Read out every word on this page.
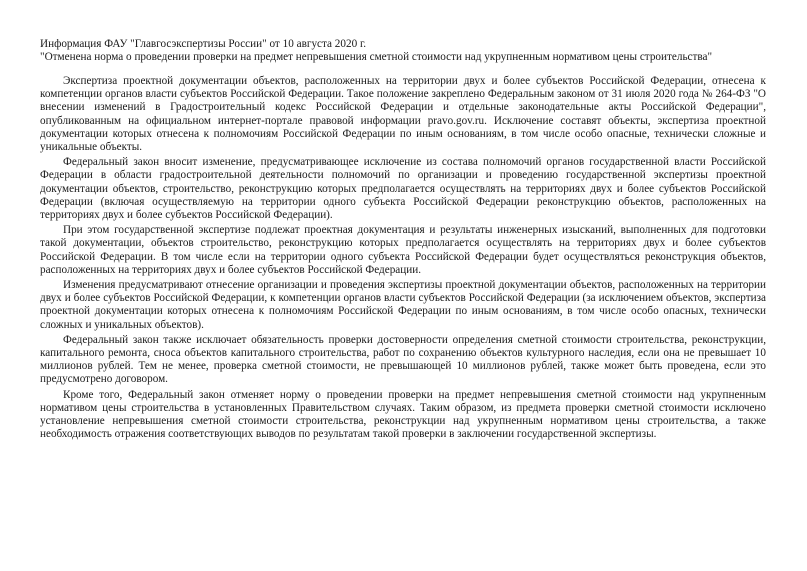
Информация ФАУ "Главгосэкспертизы России" от 10 августа 2020 г.

"Отменена норма о проведении проверки на предмет непревышения сметной стоимости над укрупненным нормативом цены строительства"

Экспертиза проектной документации объектов, расположенных на территории двух и более субъектов Российской Федерации, отнесена к компетенции органов власти субъектов Российской Федерации. Такое положение закреплено Федеральным законом от 31 июля 2020 года № 264-ФЗ "О внесении изменений в Градостроительный кодекс Российской Федерации и отдельные законодательные акты Российской Федерации", опубликованным на официальном интернет-портале правовой информации pravo.gov.ru. Исключение составят объекты, экспертиза проектной документации которых отнесена к полномочиям Российской Федерации по иным основаниям, в том числе особо опасные, технически сложные и уникальные объекты.

Федеральный закон вносит изменение, предусматривающее исключение из состава полномочий органов государственной власти Российской Федерации в области градостроительной деятельности полномочий по организации и проведению государственной экспертизы проектной документации объектов, строительство, реконструкцию которых предполагается осуществлять на территориях двух и более субъектов Российской Федерации (включая осуществляемую на территории одного субъекта Российской Федерации реконструкцию объектов, расположенных на территориях двух и более субъектов Российской Федерации).

При этом государственной экспертизе подлежат проектная документация и результаты инженерных изысканий, выполненных для подготовки такой документации, объектов строительство, реконструкцию которых предполагается осуществлять на территориях двух и более субъектов Российской Федерации. В том числе если на территории одного субъекта Российской Федерации будет осуществляться реконструкция объектов, расположенных на территориях двух и более субъектов Российской Федерации.

Изменения предусматривают отнесение организации и проведения экспертизы проектной документации объектов, расположенных на территории двух и более субъектов Российской Федерации, к компетенции органов власти субъектов Российской Федерации (за исключением объектов, экспертиза проектной документации которых отнесена к полномочиям Российской Федерации по иным основаниям, в том числе особо опасных, технически сложных и уникальных объектов).

Федеральный закон также исключает обязательность проверки достоверности определения сметной стоимости строительства, реконструкции, капитального ремонта, сноса объектов капитального строительства, работ по сохранению объектов культурного наследия, если она не превышает 10 миллионов рублей. Тем не менее, проверка сметной стоимости, не превышающей 10 миллионов рублей, также может быть проведена, если это предусмотрено договором.

Кроме того, Федеральный закон отменяет норму о проведении проверки на предмет непревышения сметной стоимости над укрупненным нормативом цены строительства в установленных Правительством случаях. Таким образом, из предмета проверки сметной стоимости исключено установление непревышения сметной стоимости строительства, реконструкции над укрупненным нормативом цены строительства, а также необходимость отражения соответствующих выводов по результатам такой проверки в заключении государственной экспертизы.
